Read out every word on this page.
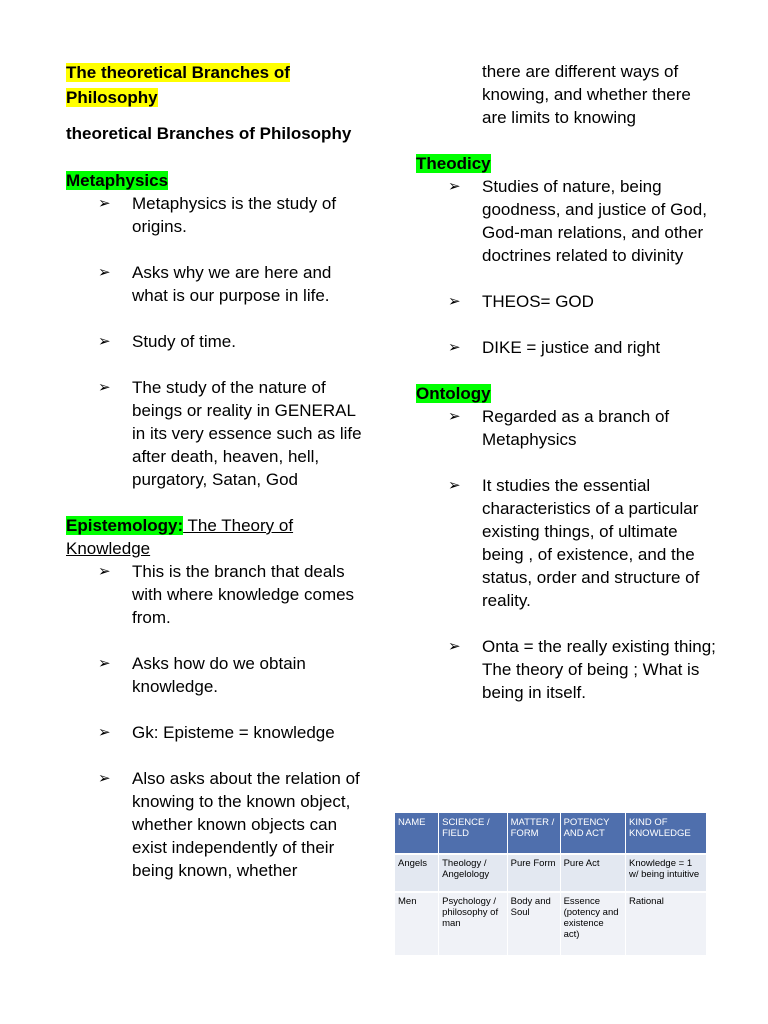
The theoretical Branches of Philosophy

theoretical Branches of Philosophy

Metaphysics

➢ Metaphysics is the study of origins.
➢ Asks why we are here and what is our purpose in life.
➢ Study of time.
➢ The study of the nature of beings or reality in GENERAL in its very essence such as life after death, heaven, hell, purgatory, Satan, God

Epistemology: The Theory of Knowledge

➢ This is the branch that deals with where knowledge comes from.
➢ Asks how do we obtain knowledge.
➢ Gk: Episteme = knowledge
➢ Also asks about the relation of knowing to the known object, whether known objects can exist independently of their being known, whether

there are different ways of knowing, and whether there are limits to knowing

Theodicy

➢ Studies of nature, being goodness, and justice of God, God-man relations, and other doctrines related to divinity
➢ THEOS= GOD
➢ DIKE = justice and right

Ontology

➢ Regarded as a branch of Metaphysics
➢ It studies the essential characteristics of a particular existing things, of ultimate being , of existence, and the status, order and structure of reality.
➢ Onta = the really existing thing; The theory of being ; What is being in itself.
NAME	SCIENCE / FIELD	MATTER / FORM	POTENCY AND ACT	KIND OF KNOWLEDGE
Angels	Theology / Angelology	Pure Form	Pure Act	Knowledge = 1 w/ being intuitive
Men	Psychology / philosophy of man	Body and Soul	Essence (potency and existence act)	Rational
